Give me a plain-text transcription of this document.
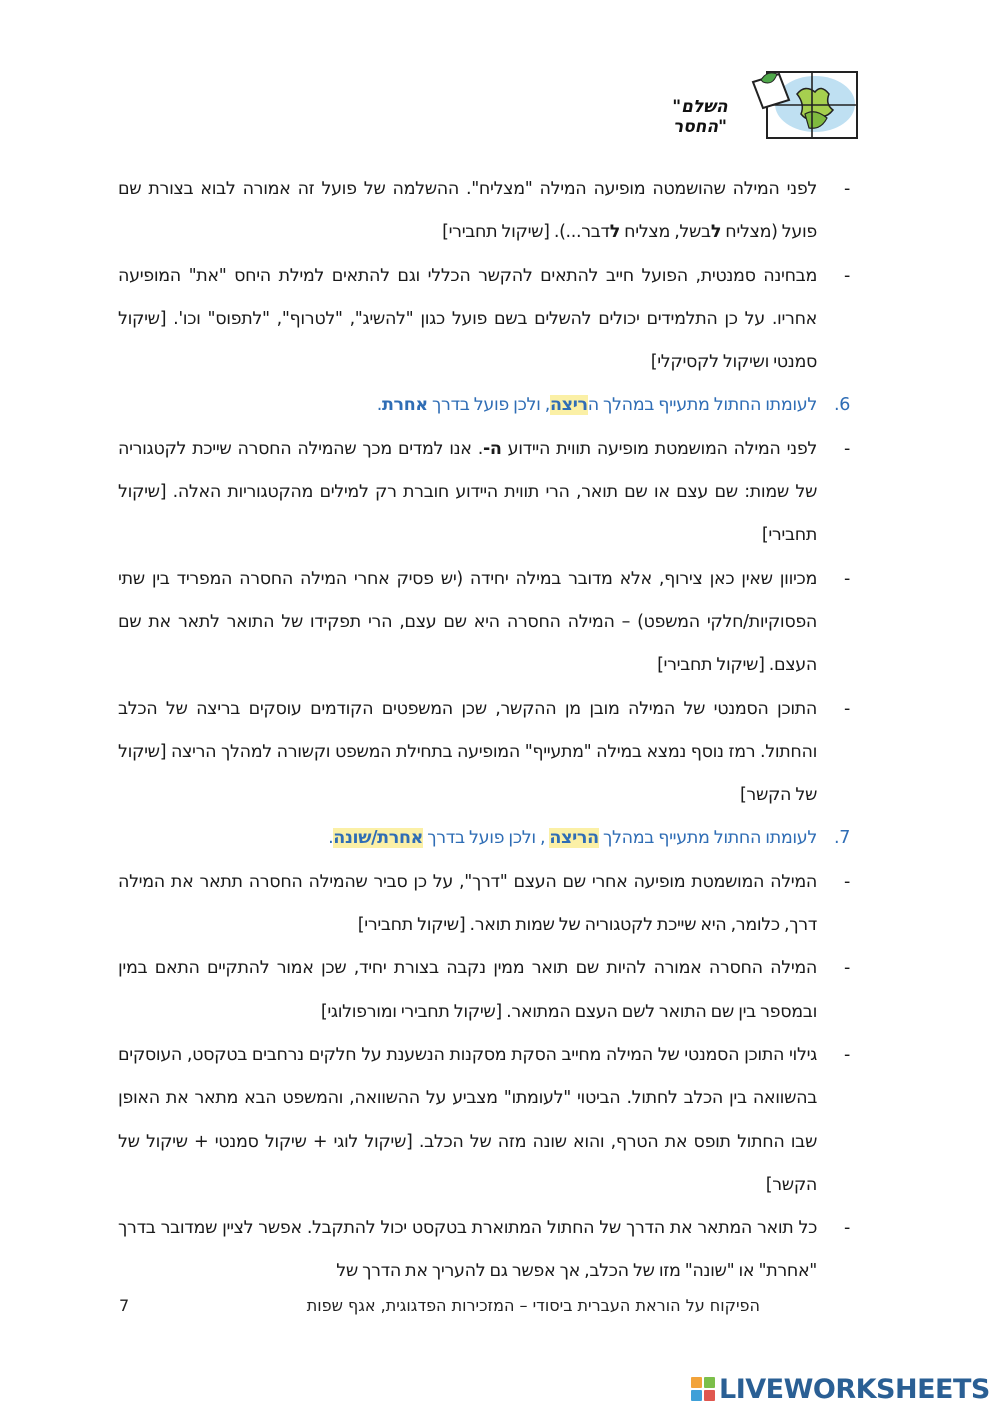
"השלם החסר"
-
לפני המילה שהושמטה מופיעה המילה "מצליח". ההשלמה של פועל זה אמורה לבוא בצורת שם פועל (מצליח לבשל, מצליח לדבר...). [שיקול תחבירי]
-
מבחינה סמנטית, הפועל חייב להתאים להקשר הכללי וגם להתאים למילת היחס "את" המופיעה אחריו. על כן התלמידים יכולים להשלים בשם פועל כגון "להשיג", "לטרוף", "לתפוס" וכו'. [שיקול סמנטי ושיקול לקסיקלי]
6.
לעומתו החתול מתעייף במהלך הריצה, ולכן פועל בדרך אחרת.
-
לפני המילה המושמטת מופיעה תווית היידוע ה-. אנו למדים מכך שהמילה החסרה שייכת לקטגוריה של שמות: שם עצם או שם תואר, הרי תווית היידוע חוברת רק למילים מהקטגוריות האלה. [שיקול תחבירי]
-
מכיוון שאין כאן צירוף, אלא מדובר במילה יחידה (יש פסיק אחרי המילה החסרה המפריד בין שתי הפסוקיות/חלקי המשפט) – המילה החסרה היא שם עצם, הרי תפקידו של התואר לתאר את שם העצם. [שיקול תחבירי]
-
התוכן הסמנטי של המילה מובן מן ההקשר, שכן המשפטים הקודמים עוסקים בריצה של הכלב והחתול. רמז נוסף נמצא במילה "מתעייף" המופיעה בתחילת המשפט וקשורה למהלך הריצה [שיקול של הקשר]
7.
לעומתו החתול מתעייף במהלך הריצה , ולכן פועל בדרך אחרת/שונה.
-
המילה המושמטת מופיעה אחרי שם העצם "דרך", על כן סביר שהמילה החסרה תתאר את המילה דרך, כלומר, היא שייכת לקטגוריה של שמות תואר. [שיקול תחבירי]
-
המילה החסרה אמורה להיות שם תואר ממין נקבה בצורת יחיד, שכן אמור להתקיים התאם במין ובמספר בין שם התואר לשם העצם המתואר. [שיקול תחבירי ומורפולוגי]
-
גילוי התוכן הסמנטי של המילה מחייב הסקת מסקנות הנשענת על חלקים נרחבים בטקסט, העוסקים בהשוואה בין הכלב לחתול. הביטוי "לעומתו" מצביע על ההשוואה, והמשפט הבא מתאר את האופן שבו החתול תופס את הטרף, והוא שונה מזה של הכלב. [שיקול לוגי + שיקול סמנטי + שיקול של הקשר]
-
כל תואר המתאר את הדרך של החתול המתוארת בטקסט יכול להתקבל. אפשר לציין שמדובר בדרך "אחרת" או "שונה" מזו של הכלב, אך אפשר גם להעריך את הדרך של
הפיקוח על הוראת העברית ביסודי – המזכירות הפדגוגית, אגף שפות
7
LIVEWORKSHEETS
